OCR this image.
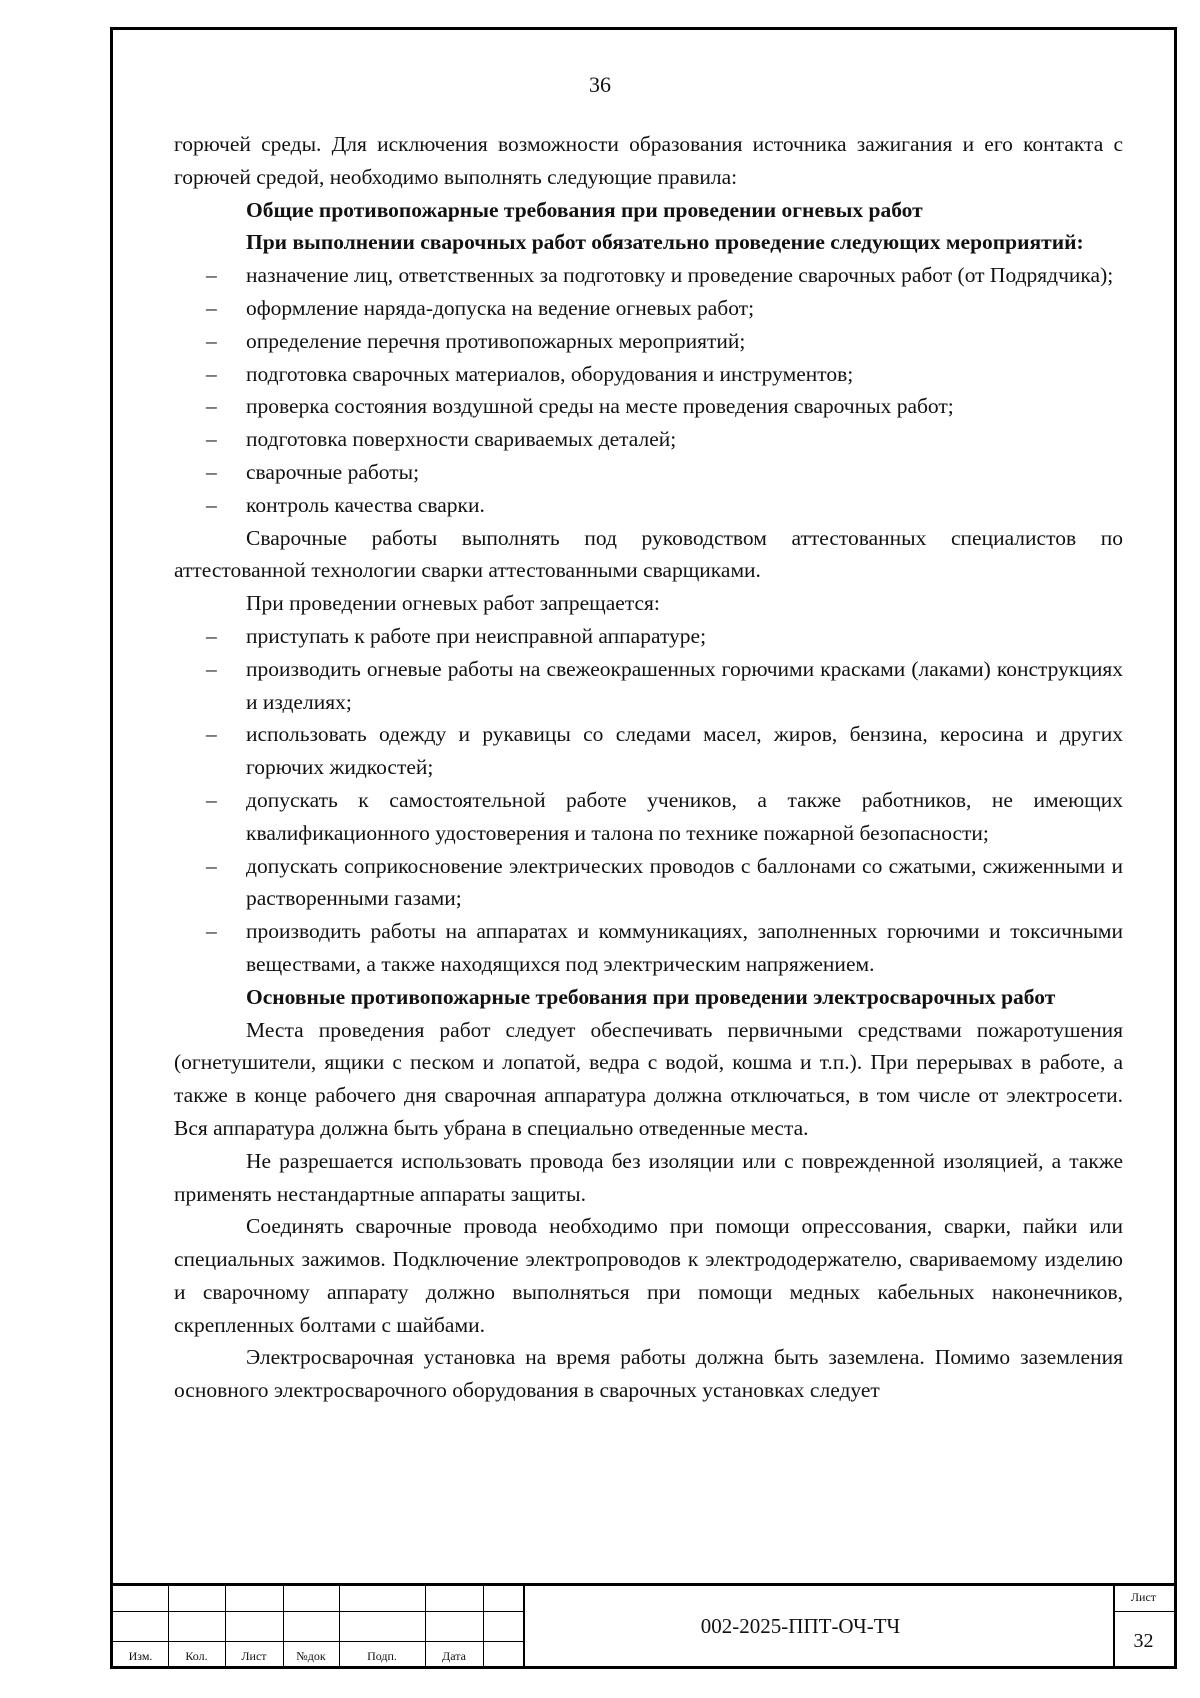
36

горючей среды. Для исключения возможности образования источника зажигания и его контакта с горючей средой, необходимо выполнять следующие правила:

Общие противопожарные требования при проведении огневых работ

При выполнении сварочных работ обязательно проведение следующих мероприятий:

– назначение лиц, ответственных за подготовку и проведение сварочных работ (от Подрядчика);
– оформление наряда-допуска на ведение огневых работ;
– определение перечня противопожарных мероприятий;
– подготовка сварочных материалов, оборудования и инструментов;
– проверка состояния воздушной среды на месте проведения сварочных работ;
– подготовка поверхности свариваемых деталей;
– сварочные работы;
– контроль качества сварки.

Сварочные работы выполнять под руководством аттестованных специалистов по аттестованной технологии сварки аттестованными сварщиками.

При проведении огневых работ запрещается:

– приступать к работе при неисправной аппаратуре;
– производить огневые работы на свежеокрашенных горючими красками (лаками) конструкциях и изделиях;
– использовать одежду и рукавицы со следами масел, жиров, бензина, керосина и других горючих жидкостей;
– допускать к самостоятельной работе учеников, а также работников, не имеющих квалификационного удостоверения и талона по технике пожарной безопасности;
– допускать соприкосновение электрических проводов с баллонами со сжатыми, сжиженными и растворенными газами;
– производить работы на аппаратах и коммуникациях, заполненных горючими и токсичными веществами, а также находящихся под электрическим напряжением.

Основные противопожарные требования при проведении электросварочных работ

Места проведения работ следует обеспечивать первичными средствами пожаротушения (огнетушители, ящики с песком и лопатой, ведра с водой, кошма и т.п.). При перерывах в работе, а также в конце рабочего дня сварочная аппаратура должна отключаться, в том числе от электросети. Вся аппаратура должна быть убрана в специально отведенные места.

Не разрешается использовать провода без изоляции или с поврежденной изоляцией, а также применять нестандартные аппараты защиты.

Соединять сварочные провода необходимо при помощи опрессования, сварки, пайки или специальных зажимов. Подключение электропроводов к электрододержателю, свариваемому изделию и сварочному аппарату должно выполняться при помощи медных кабельных наконечников, скрепленных болтами с шайбами.

Электросварочная установка на время работы должна быть заземлена. Помимо заземления основного электросварочного оборудования в сварочных установках следует

Изм.	Кол.	Лист	№док	Подп.	Дата
002-2025-ППТ-ОЧ-ТЧ
Лист
32
